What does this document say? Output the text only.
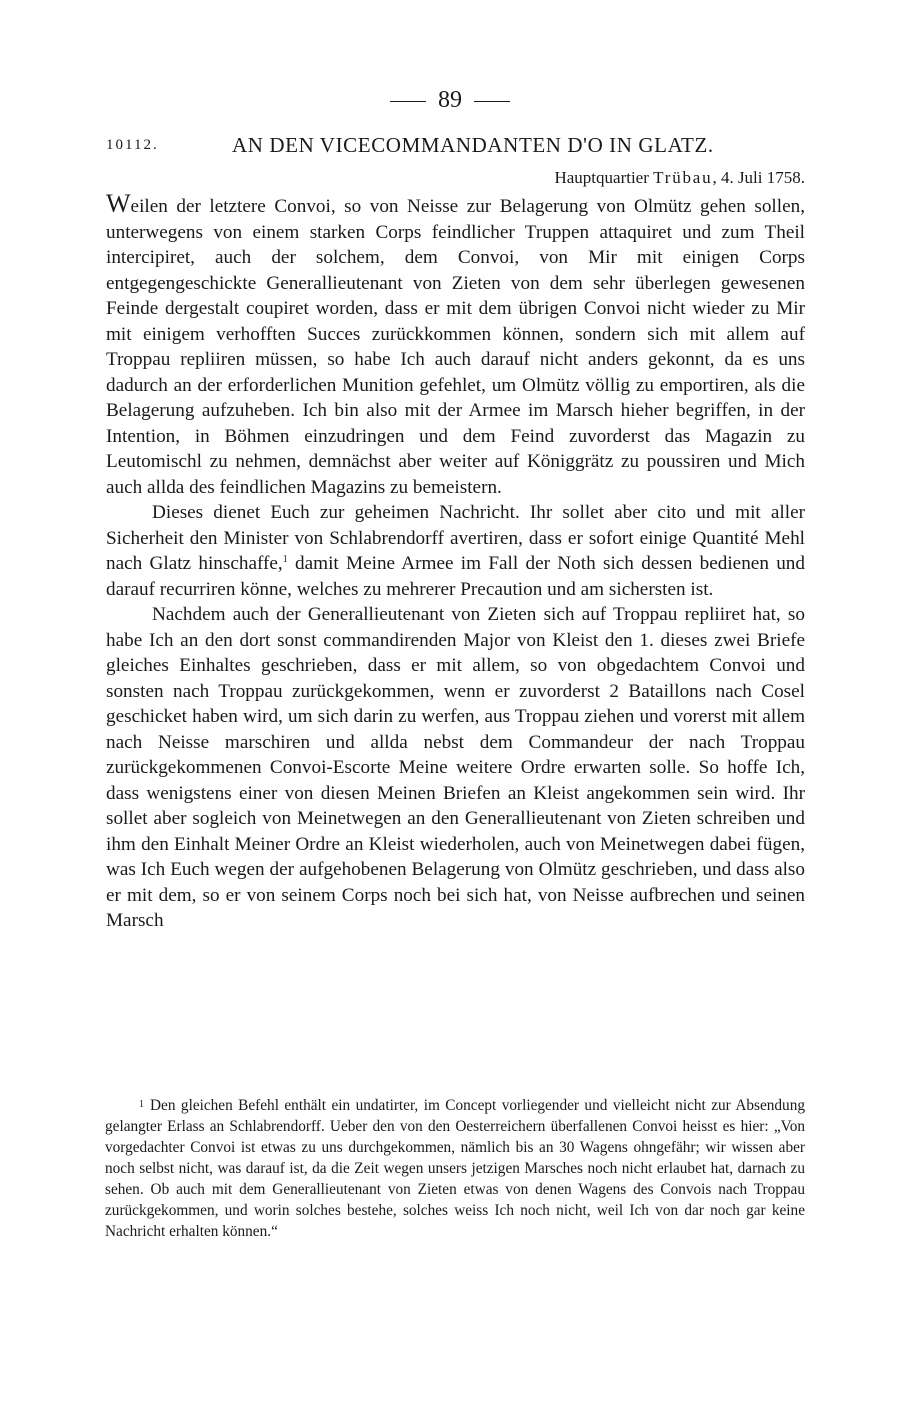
89
10112.	AN DEN VICECOMMANDANTEN D'O IN GLATZ.
Hauptquartier Trübau, 4. Juli 1758.

Weilen der letztere Convoi, so von Neisse zur Belagerung von Olmütz gehen sollen, unterwegens von einem starken Corps feindlicher Truppen attaquiret und zum Theil intercipiret, auch der solchem, dem Convoi, von Mir mit einigen Corps entgegengeschickte Generallieutenant von Zieten von dem sehr überlegen gewesenen Feinde dergestalt coupiret worden, dass er mit dem übrigen Convoi nicht wieder zu Mir mit einigem verhofften Succes zurückkommen können, sondern sich mit allem auf Troppau repliiren müssen, so habe Ich auch darauf nicht anders gekonnt, da es uns dadurch an der erforderlichen Munition gefehlet, um Olmütz völlig zu emportiren, als die Belagerung aufzuheben. Ich bin also mit der Armee im Marsch hieher begriffen, in der Intention, in Böhmen einzudringen und dem Feind zuvorderst das Magazin zu Leutomischl zu nehmen, demnächst aber weiter auf Königgrätz zu poussiren und Mich auch allda des feindlichen Magazins zu bemeistern.

Dieses dienet Euch zur geheimen Nachricht. Ihr sollet aber cito und mit aller Sicherheit den Minister von Schlabrendorff avertiren, dass er sofort einige Quantité Mehl nach Glatz hinschaffe,$^1$ damit Meine Armee im Fall der Noth sich dessen bedienen und darauf recurriren könne, welches zu mehrerer Precaution und am sichersten ist.

Nachdem auch der Generallieutenant von Zieten sich auf Troppau repliiret hat, so habe Ich an den dort sonst commandirenden Major von Kleist den 1. dieses zwei Briefe gleiches Einhaltes geschrieben, dass er mit allem, so von obgedachtem Convoi und sonsten nach Troppau zurückgekommen, wenn er zuvorderst 2 Bataillons nach Cosel geschicket haben wird, um sich darin zu werfen, aus Troppau ziehen und vorerst mit allem nach Neisse marschiren und allda nebst dem Commandeur der nach Troppau zurückgekommenen Convoi-Escorte Meine weitere Ordre erwarten solle. So hoffe Ich, dass wenigstens einer von diesen Meinen Briefen an Kleist angekommen sein wird. Ihr sollet aber sogleich von Meinetwegen an den Generallieutenant von Zieten schreiben und ihm den Einhalt Meiner Ordre an Kleist wiederholen, auch von Meinetwegen dabei fügen, was Ich Euch wegen der aufgehobenen Belagerung von Olmütz geschrieben, und dass also er mit dem, so er von seinem Corps noch bei sich hat, von Neisse aufbrechen und seinen Marsch

1 Den gleichen Befehl enthält ein undatirter, im Concept vorliegender und vielleicht nicht zur Absendung gelangter Erlass an Schlabrendorff. Ueber den von den Oesterreichern überfallenen Convoi heisst es hier: „Von vorgedachter Convoi ist etwas zu uns durchgekommen, nämlich bis an 30 Wagens ohngefähr; wir wissen aber noch selbst nicht, was darauf ist, da die Zeit wegen unsers jetzigen Marsches noch nicht erlaubet hat, darnach zu sehen. Ob auch mit dem Generallieutenant von Zieten etwas von denen Wagens des Convois nach Troppau zurückgekommen, und worin solches bestehe, solches weiss Ich noch nicht, weil Ich von dar noch gar keine Nachricht erhalten können.“
